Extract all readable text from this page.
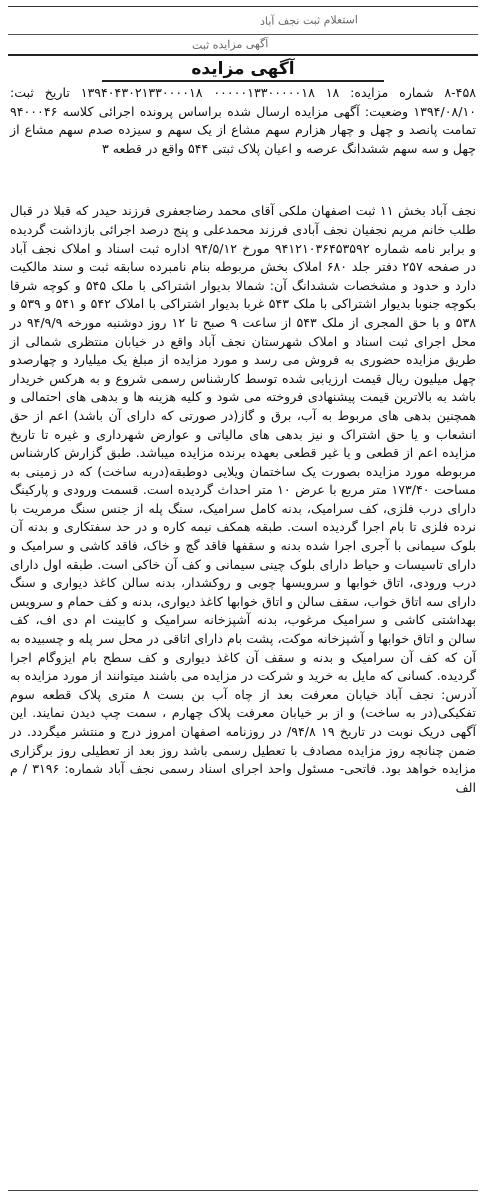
استعلام ثبت نجف آباد
آگهی مزایده ثبت
آگهی مزایده

۸-۴۵۸ شماره مزایده: ۱۸ ۰۰۰۰۰۱۳۳۰۰۰۰۰۱۸ ۱۳۹۴۰۴۳۰۲۱۳۳۰۰۰۰۱۸ تاریخ ثبت: ۱۳۹۴/۰۸/۱۰ وضعیت: آگهی مزایده ارسال شده براساس پرونده اجرائی کلاسه ۹۴۰۰۰۴۶ تمامت پانصد و چهل و چهار هزارم سهم مشاع از یک سهم و سیزده صدم سهم مشاع از چهل و سه سهم ششدانگ عرصه و اعیان پلاک ثبتی ۵۴۴ واقع در قطعه ۳

نجف آباد بخش ۱۱ ثبت اصفهان ملکی آقای محمد رضاجعفری فرزند حیدر که قبلا در قبال طلب خانم مریم نجفیان نجف آبادی فرزند محمدعلی و پنج درصد اجرائی بازداشت گردیده و برابر نامه شماره ۹۴۱۲۱۰۳۶۴۵۳۵۹۲ مورخ ۹۴/۵/۱۲ اداره ثبت اسناد و املاک نجف آباد در صفحه ۲۵۷ دفتر جلد ۶۸۰ املاک بخش مربوطه بنام نامبرده سابقه ثبت و سند مالکیت دارد و حدود و مشخصات ششدانگ آن: شمالا بدیوار اشتراکی با ملک ۵۴۵ و کوچه شرقا بکوچه جنوبا بدیوار اشتراکی با ملک ۵۴۳ غربا بدیوار اشتراکی با املاک ۵۴۲ و ۵۴۱ و ۵۳۹ و ۵۳۸ و با حق المجری از ملک ۵۴۳ از ساعت ۹ صبح تا ۱۲ روز دوشنبه مورخه ۹۴/۹/۹ در محل اجرای ثبت اسناد و املاک شهرستان نجف آباد واقع در خیابان منتظری شمالی از طریق مزایده حضوری به فروش می رسد و مورد مزایده از مبلغ یک میلیارد و چهارصدو چهل میلیون ریال قیمت ارزیابی شده توسط کارشناس رسمی شروع و به هرکس خریدار باشد به بالاترین قیمت پیشنهادی فروخته می شود و کلیه هزینه ها و بدهی های احتمالی و همچنین بدهی های مربوط به آب، برق و گاز(در صورتی که دارای آن باشد) اعم از حق انشعاب و یا حق اشتراک و نیز بدهی های مالیاتی و عوارض شهرداری و غیره تا تاریخ مزایده اعم از قطعی و یا غیر قطعی بعهده برنده مزایده میباشد. طبق گزارش کارشناس مربوطه مورد مزایده بصورت یک ساختمان ویلایی دوطبقه(دربه ساخت) که در زمینی به مساحت ۱۷۳/۴۰ متر مربع با عرض ۱۰ متر احداث گردیده است. قسمت ورودی و پارکینگ دارای درب فلزی، کف سرامیک، بدنه کامل سرامیک، سنگ پله از جنس سنگ مرمریت با نرده فلزی تا بام اجرا گردیده است. طبقه همکف نیمه کاره و در حد سفتکاری و بدنه آن بلوک سیمانی با آجری اجرا شده بدنه و سقفها فاقد گچ و خاک، فاقد کاشی و سرامیک و دارای تاسیسات و حیاط دارای بلوک چینی سیمانی و کف آن خاکی است. طبقه اول دارای درب ورودی، اتاق خوابها و سرویسها چوبی و روکشدار، بدنه سالن کاغذ دیواری و سنگ دارای سه اتاق خواب، سقف سالن و اتاق خوابها کاغذ دیواری، بدنه و کف حمام و سرویس بهداشتی کاشی و سرامیک مرغوب، بدنه آشپزخانه سرامیک و کابینت ام دی اف، کف سالن و اتاق خوابها و آشپزخانه موکت، پشت بام دارای اتاقی در محل سر پله و چسبیده به آن که کف آن سرامیک و بدنه و سقف آن کاغذ دیواری و کف سطح بام ایزوگام اجرا گردیده. کسانی که مایل به خرید و شرکت در مزایده می باشند میتوانند از مورد مزایده به آدرس: نجف آباد خیابان معرفت بعد از چاه آب بن بست ۸ متری پلاک قطعه سوم تفکیکی(در به ساخت) و از بر خیابان معرفت پلاک چهارم ، سمت چپ دیدن نمایند. این آگهی دریک نوبت در تاریخ ۱۹ ۹۴/۸/ در روزنامه اصفهان امروز درج و منتشر میگردد. در ضمن چنانچه روز مزایده مصادف با تعطیل رسمی باشد روز بعد از تعطیلی روز برگزاری مزایده خواهد بود. فاتحی- مسئول واحد اجرای اسناد رسمی نجف آباد شماره: ۳۱۹۶ / م الف
